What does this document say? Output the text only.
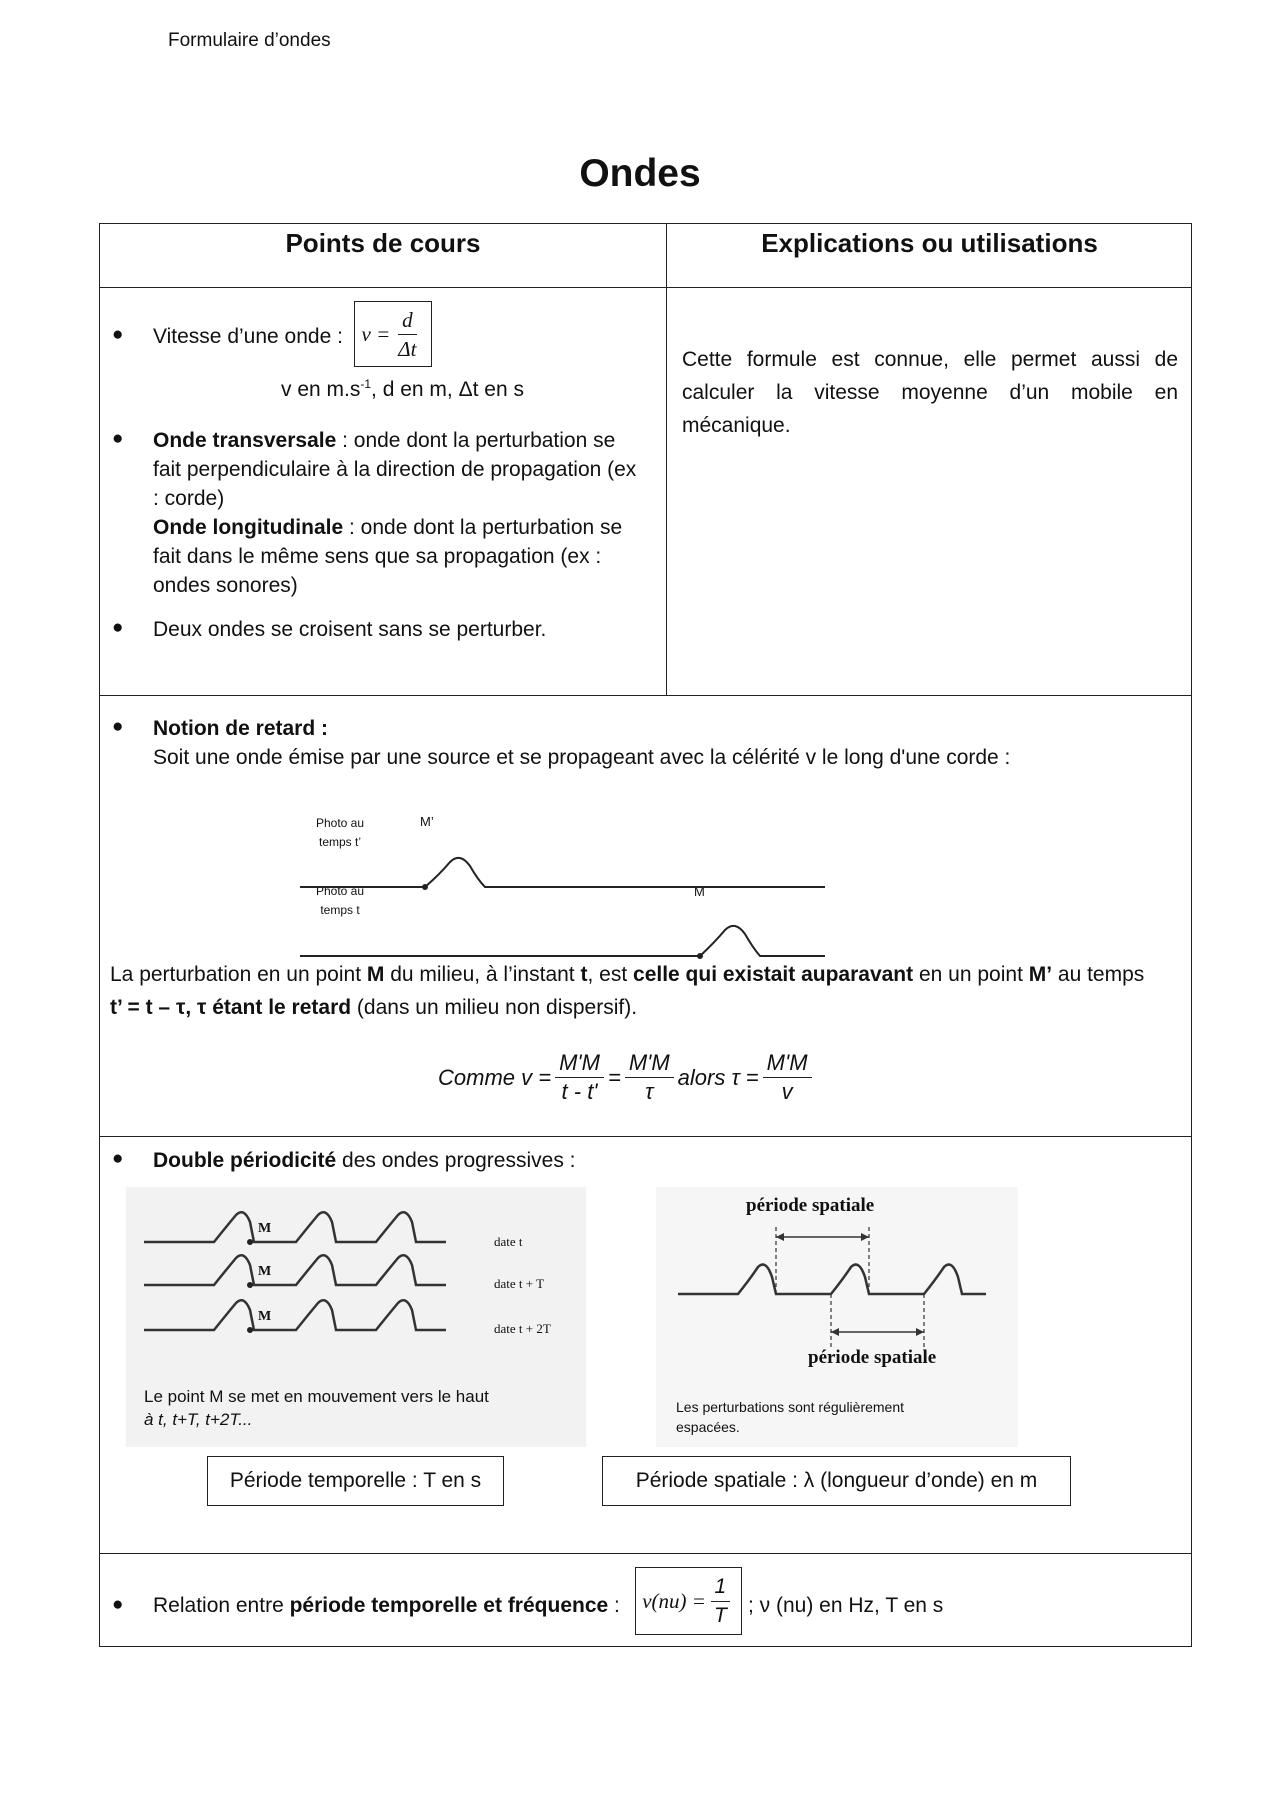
Formulaire d’ondes
Ondes
Points de cours	Explications ou utilisations
● Vitesse d’une onde : $v = \frac{d}{\Delta t}$
v en $m.s^{-1}$, d en m, Δt en s
● Onde transversale : onde dont la perturbation se fait perpendiculaire à la direction de propagation (ex : corde)
Onde longitudinale : onde dont la perturbation se fait dans le même sens que sa propagation (ex : ondes sonores)
● Deux ondes se croisent sans se perturber.
Cette formule est connue, elle permet aussi de calculer la vitesse moyenne d’un mobile en mécanique.
● Notion de retard :
Soit une onde émise par une source et se propageant avec la célérité v le long d'une corde :
Photo au
temps t’
M’
Photo au
temps t
M
La perturbation en un point M du milieu, à l’instant t, est celle qui existait auparavant en un point M’ au temps
t’ = t – τ, τ étant le retard (dans un milieu non dispersif).
Comme $v = \frac{M'M}{t - t'} = \frac{M'M}{\tau}$ alors $\tau = \frac{M'M}{v}$
● Double périodicité des ondes progressives :
M
M
M
date t
date t + T
date t + 2T
Le point M se met en mouvement vers le haut
à t, t+T, t+2T...
période spatiale
période spatiale
Les perturbations sont régulièrement
espacées.
Période temporelle : T en s	Période spatiale : λ (longueur d’onde) en m
● Relation entre période temporelle et fréquence : $\nu(nu) = \frac{1}{T}$ ; ν (nu) en Hz, T en s
